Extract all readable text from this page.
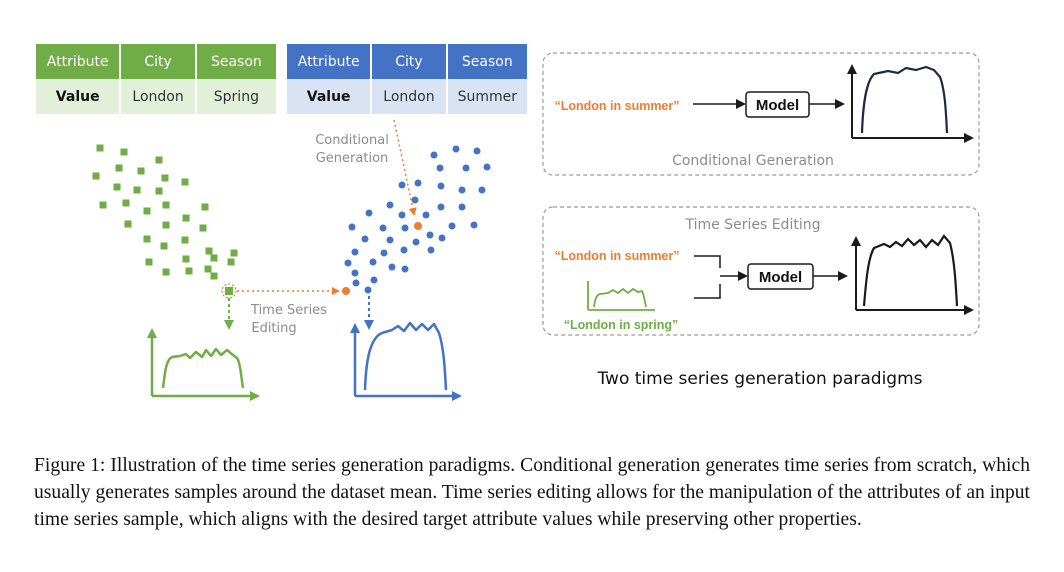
Attribute	City	Season
Value	London	Spring
Attribute	City	Season
Value	London	Summer
Conditional
Generation
Time Series
Editing
“London in summer”	Model
Conditional Generation
Time Series Editing
“London in summer”
“London in spring”
Model
Two time series generation paradigms
Figure 1: Illustration of the time series generation paradigms. Conditional generation generates time series from scratch, which usually generates samples around the dataset mean. Time series editing allows for the manipulation of the attributes of an input time series sample, which aligns with the desired target attribute values while preserving other properties.
